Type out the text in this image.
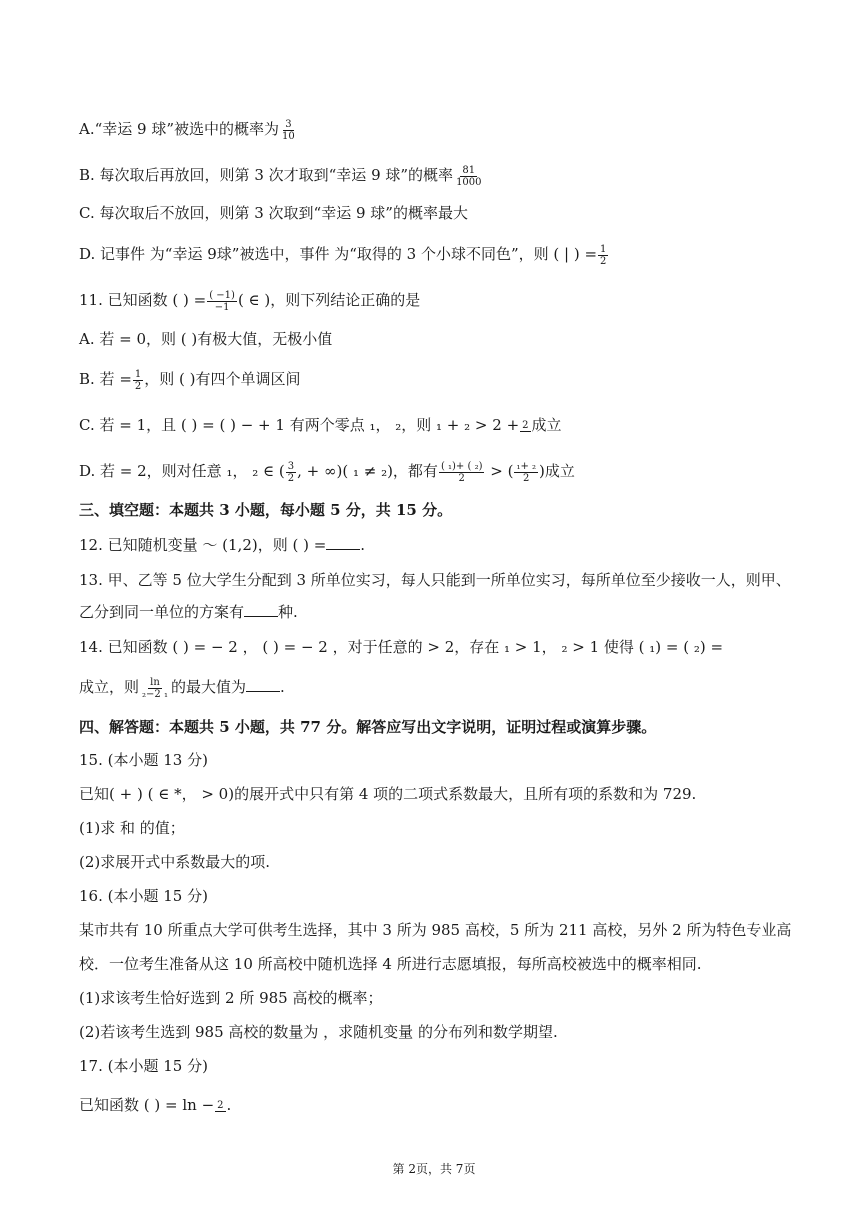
A.“幸运 9 球”被选中的概率为 $\frac{3}{10}$
B. 每次取后再放回，则第 3 次才取到“幸运 9 球”的概率 $\frac{81}{1000}$
C. 每次取后不放回，则第 3 次取到“幸运 9 球”的概率最大
D. 记事件 为“幸运 9球”被选中，事件 为“取得的 3 个小球不同色”，则 ( | ) = $\frac{1}{2}$
11. 已知函数 ( ) = $\frac{( -1)}{-1}$ ( ∈ )，则下列结论正确的是
A. 若 = 0，则 ( )有极大值，无极小值
B. 若 = $\frac{1}{2}$ ，则 ( )有四个单调区间
C. 若 = 1，且 ( ) = ( ) − + 1 有两个零点 ₁， ₂，则 ₁ + ₂ > 2 + 2 成立
D. 若 = 2，则对任意 ₁， ₂ ∈ ( $\frac{3}{2}$ , + ∞)( ₁ ≠ ₂)，都有 $\frac{\text{( ₁)+ ( ₂)}}{2}$ > ( $\frac{\text{₁+ ₂}}{2}$ )成立
三、填空题：本题共 3 小题，每小题 5 分，共 15 分。
12. 已知随机变量 ～ (1,2)，则 ( ) = .
13. 甲、乙等 5 位大学生分配到 3 所单位实习，每人只能到一所单位实习，每所单位至少接收一人，则甲、
乙分到同一单位的方案有 种.
14. 已知函数 ( ) = − 2 ， ( ) = − 2 ，对于任意的 > 2，存在 ₁ > 1， ₂ > 1 使得 ( ₁) = ( ₂) =
成立，则 $\frac{\ln}{\text{₂−2 ₁}}$ 的最大值为 .
四、解答题：本题共 5 小题，共 77 分。解答应写出文字说明，证明过程或演算步骤。
15. (本小题 13 分)
已知( + ) ( ∈ *， > 0)的展开式中只有第 4 项的二项式系数最大，且所有项的系数和为 729.
(1)求 和 的值；
(2)求展开式中系数最大的项.
16. (本小题 15 分)
某市共有 10 所重点大学可供考生选择，其中 3 所为 985 高校，5 所为 211 高校，另外 2 所为特色专业高
校．一位考生准备从这 10 所高校中随机选择 4 所进行志愿填报，每所高校被选中的概率相同.
(1)求该考生恰好选到 2 所 985 高校的概率；
(2)若该考生选到 985 高校的数量为 ，求随机变量 的分布列和数学期望.
17. (本小题 15 分)
已知函数 ( ) = ln − 2 .
第 2页，共 7页
